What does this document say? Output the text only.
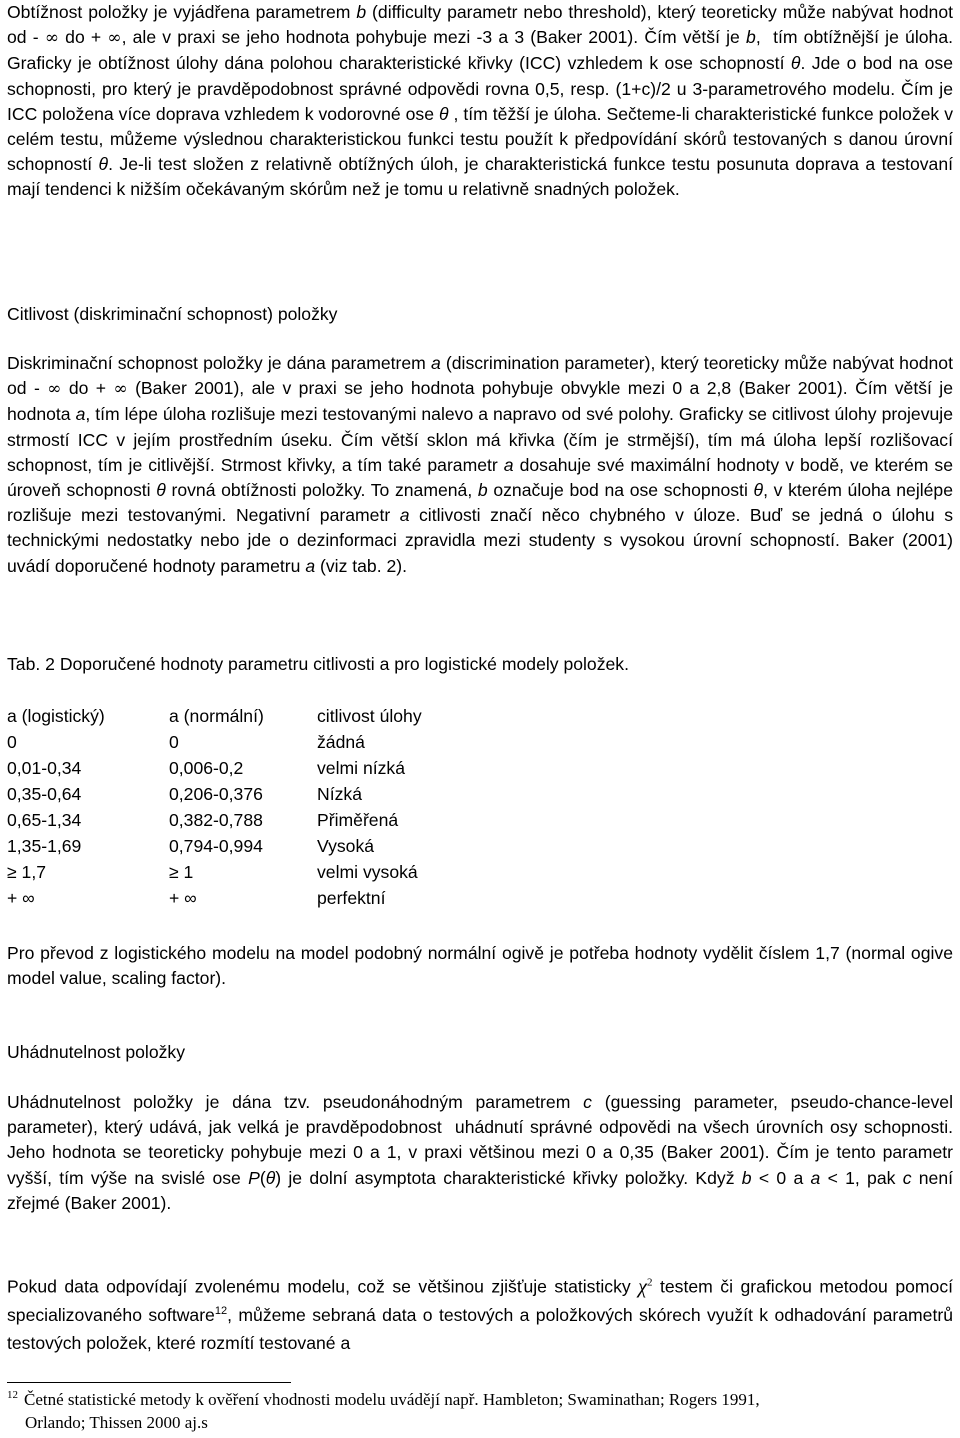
Obtížnost položky je vyjádřena parametrem b (difficulty parametr nebo threshold), který teoreticky může nabývat hodnot od - ∞ do + ∞, ale v praxi se jeho hodnota pohybuje mezi -3 a 3 (Baker 2001). Čím větší je b,  tím obtížnější je úloha. Graficky je obtížnost úlohy dána polohou charakteristické křivky (ICC) vzhledem k ose schopností θ. Jde o bod na ose schopnosti, pro který je pravděpodobnost správné odpovědi rovna 0,5, resp. (1+c)/2 u 3-parametrového modelu. Čím je ICC položena více doprava vzhledem k vodorovné ose θ , tím těžší je úloha. Sečteme-li charakteristické funkce položek v celém testu, můžeme výslednou charakteristickou funkci testu použít k předpovídání skórů testovaných s danou úrovní schopností θ. Je-li test složen z relativně obtížných úloh, je charakteristická funkce testu posunuta doprava a testovaní mají tendenci k nižším očekávaným skórům než je tomu u relativně snadných položek.

Citlivost (diskriminační schopnost) položky

Diskriminační schopnost položky je dána parametrem a (discrimination parameter), který teoreticky může nabývat hodnot od - ∞ do + ∞ (Baker 2001), ale v praxi se jeho hodnota pohybuje obvykle mezi 0 a 2,8 (Baker 2001). Čím větší je hodnota a, tím lépe úloha rozlišuje mezi testovanými nalevo a napravo od své polohy. Graficky se citlivost úlohy projevuje strmostí ICC v jejím prostředním úseku. Čím větší sklon má křivka (čím je strmější), tím má úloha lepší rozlišovací schopnost, tím je citlivější. Strmost křivky, a tím také parametr a dosahuje své maximální hodnoty v bodě, ve kterém se úroveň schopnosti θ rovná obtížnosti položky. To znamená, b označuje bod na ose schopnosti θ, v kterém úloha nejlépe rozlišuje mezi testovanými. Negativní parametr a citlivosti značí něco chybného v úloze. Buď se jedná o úlohu s technickými nedostatky nebo jde o dezinformaci zpravidla mezi studenty s vysokou úrovní schopností. Baker (2001) uvádí doporučené hodnoty parametru a (viz tab. 2).

Tab. 2 Doporučené hodnoty parametru citlivosti a pro logistické modely položek.

a (logistický)	a (normální)	citlivost úlohy
0	0	žádná
0,01-0,34	0,006-0,2	velmi nízká
0,35-0,64	0,206-0,376	Nízká
0,65-1,34	0,382-0,788	Přiměřená
1,35-1,69	0,794-0,994	Vysoká
≥ 1,7	≥ 1	velmi vysoká
+ ∞	+ ∞	perfektní

Pro převod z logistického modelu na model podobný normální ogivě je potřeba hodnoty vydělit číslem 1,7 (normal ogive model value, scaling factor).

Uhádnutelnost položky

Uhádnutelnost položky je dána tzv. pseudonáhodným parametrem c (guessing parameter, pseudo-chance-level parameter), který udává, jak velká je pravděpodobnost  uhádnutí správné odpovědi na všech úrovních osy schopnosti. Jeho hodnota se teoreticky pohybuje mezi 0 a 1, v praxi většinou mezi 0 a 0,35 (Baker 2001). Čím je tento parametr vyšší, tím výše na svislé ose P(θ) je dolní asymptota charakteristické křivky položky. Když b < 0 a a < 1, pak c není zřejmé (Baker 2001).

Pokud data odpovídají zvolenému modelu, což se většinou zjišťuje statisticky $\chi^2$ testem či grafickou metodou pomocí specializovaného software$^{12}$, můžeme sebraná data o testových a položkových skórech využít k odhadování parametrů testových položek, které rozmítí testované a

$^{12}$ Četné statistické metody k ověření vhodnosti modelu uvádějí např. Hambleton; Swaminathan; Rogers 1991,
Orlando; Thissen 2000 aj.s
